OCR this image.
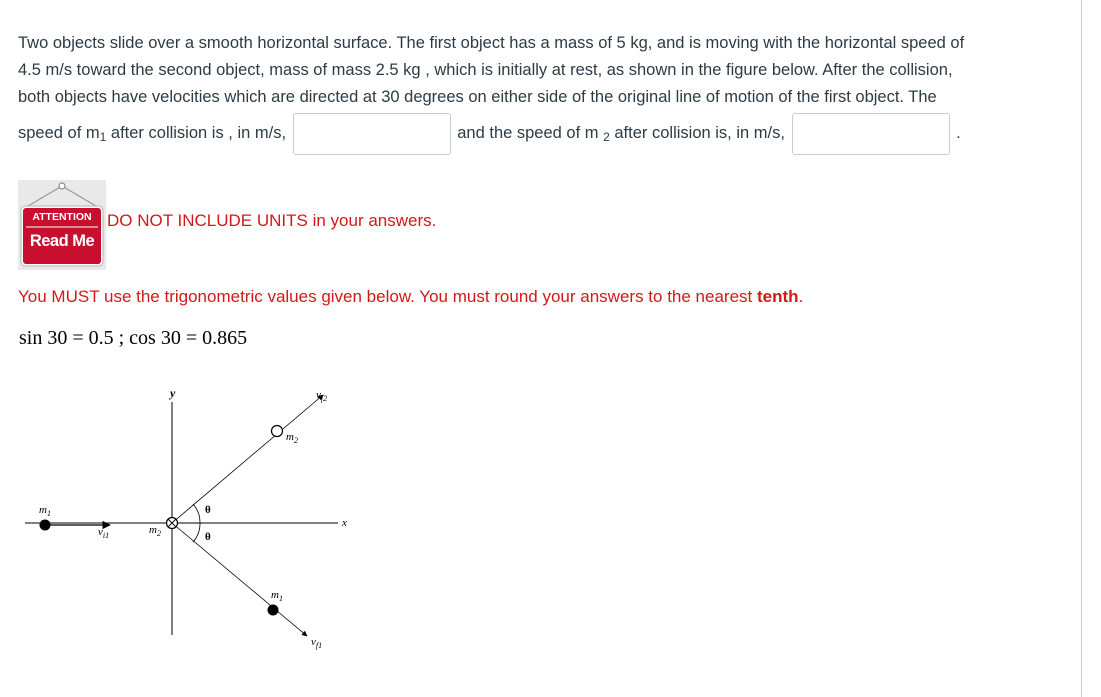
Two objects slide over a smooth horizontal surface. The first object has a mass of 5 kg, and is moving with the horizontal speed of

4.5 m/s toward the second object, mass of mass 2.5 kg , which is initially at rest, as shown in the figure below. After the collision,

both objects have velocities which are directed at 30 degrees on either side of the original line of motion of the first object. The

speed of $m_1$ after collision is , in m/s,	and the speed of m $_2$ after collision is, in m/s,	.

ATTENTION
Read Me
DO NOT INCLUDE UNITS in your answers.
You MUST use the trigonometric values given below. You must round your answers to the nearest tenth.
sin 30 = 0.5 ; cos 30 = 0.865
y
x
θ
θ
$m_1$
$m_2$
$v_{i1}$
$m_2$
$m_1$
$v_{f2}$
$v_{f1}$
